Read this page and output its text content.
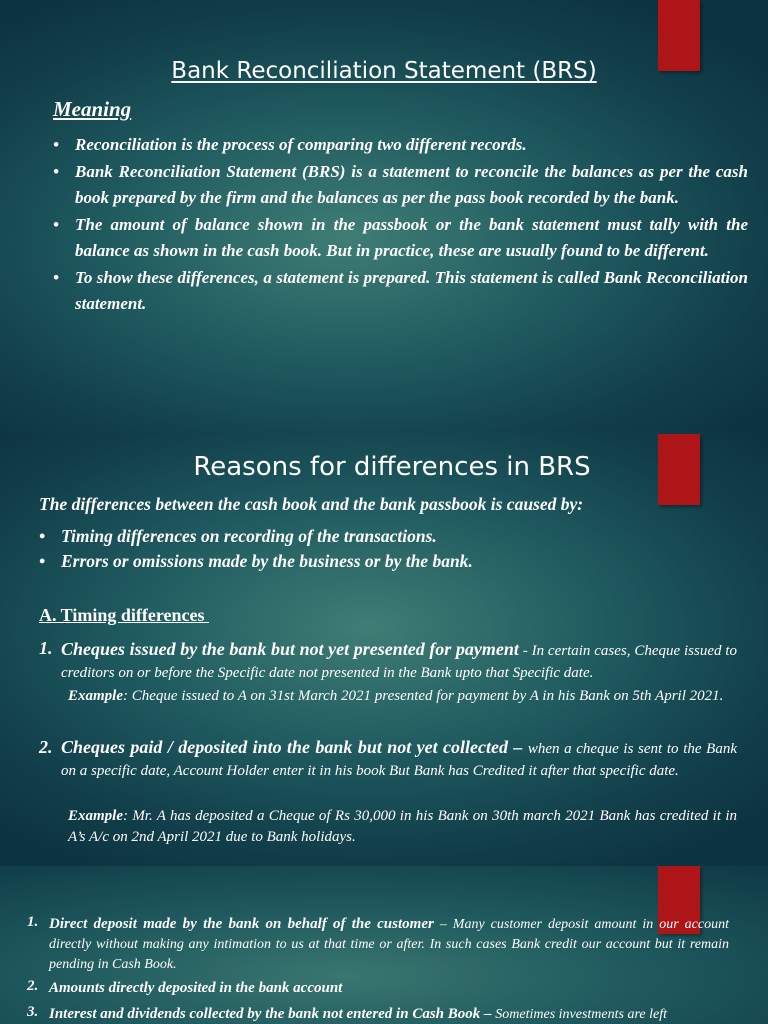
Bank Reconciliation Statement (BRS)
Meaning
• Reconciliation is the process of comparing two different records.
• Bank Reconciliation Statement (BRS) is a statement to reconcile the balances as per the cash book prepared by the firm and the balances as per the pass book recorded by the bank.
• The amount of balance shown in the passbook or the bank statement must tally with the balance as shown in the cash book. But in practice, these are usually found to be different.
• To show these differences, a statement is prepared. This statement is called Bank Reconciliation statement.
Reasons for differences in BRS
The differences between the cash book and the bank passbook is caused by:
• Timing differences on recording of the transactions.
• Errors or omissions made by the business or by the bank.
A. Timing differences
1. Cheques issued by the bank but not yet presented for payment - In certain cases, Cheque issued to creditors on or before the Specific date not presented in the Bank upto that Specific date.
Example: Cheque issued to A on 31st March 2021 presented for payment by A in his Bank on 5th April 2021.
2. Cheques paid / deposited into the bank but not yet collected – when a cheque is sent to the Bank on a specific date, Account Holder enter it in his book But Bank has Credited it after that specific date.
Example: Mr. A has deposited a Cheque of Rs 30,000 in his Bank on 30th march 2021 Bank has credited it in A’s A/c on 2nd April 2021 due to Bank holidays.
1. Direct deposit made by the bank on behalf of the customer – Many customer deposit amount in our account directly without making any intimation to us at that time or after. In such cases Bank credit our account but it remain pending in Cash Book.
2. Amounts directly deposited in the bank account
3. Interest and dividends collected by the bank not entered in Cash Book – Sometimes investments are left
